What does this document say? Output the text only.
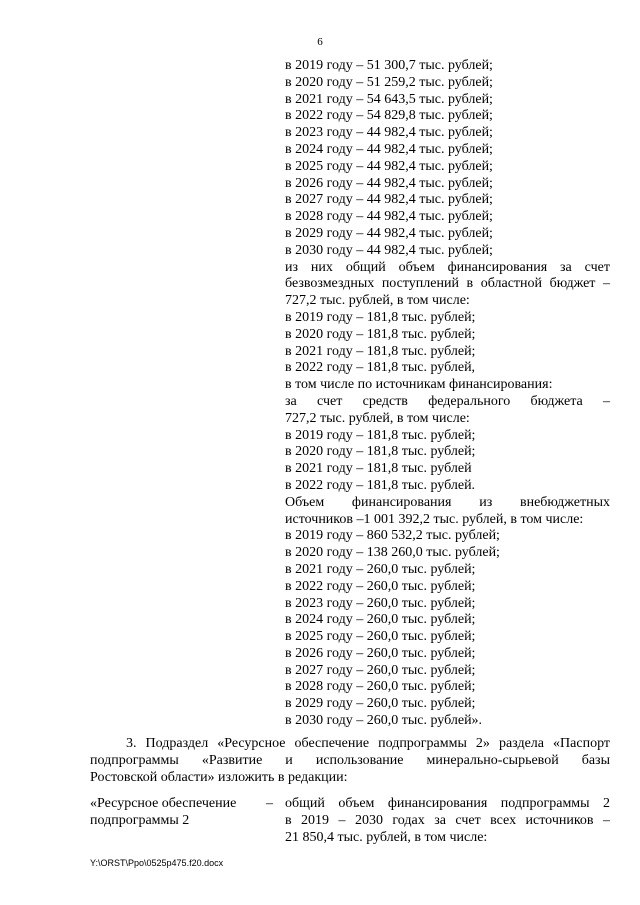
6
в 2019 году – 51 300,7 тыс. рублей;
в 2020 году – 51 259,2 тыс. рублей;
в 2021 году – 54 643,5 тыс. рублей;
в 2022 году – 54 829,8 тыс. рублей;
в 2023 году – 44 982,4 тыс. рублей;
в 2024 году – 44 982,4 тыс. рублей;
в 2025 году – 44 982,4 тыс. рублей;
в 2026 году – 44 982,4 тыс. рублей;
в 2027 году – 44 982,4 тыс. рублей;
в 2028 году – 44 982,4 тыс. рублей;
в 2029 году – 44 982,4 тыс. рублей;
в 2030 году – 44 982,4 тыс. рублей;
из них общий объем финансирования за счет
безвозмездных поступлений в областной бюджет –
727,2 тыс. рублей, в том числе:
в 2019 году – 181,8 тыс. рублей;
в 2020 году – 181,8 тыс. рублей;
в 2021 году – 181,8 тыс. рублей;
в 2022 году – 181,8 тыс. рублей,
в том числе по источникам финансирования:
за счет средств федерального бюджета –
727,2 тыс. рублей, в том числе:
в 2019 году – 181,8 тыс. рублей;
в 2020 году – 181,8 тыс. рублей;
в 2021 году – 181,8 тыс. рублей
в 2022 году – 181,8 тыс. рублей.
Объем финансирования из внебюджетных
источников –1 001 392,2 тыс. рублей, в том числе:
в 2019 году – 860 532,2 тыс. рублей;
в 2020 году – 138 260,0 тыс. рублей;
в 2021 году – 260,0 тыс. рублей;
в 2022 году – 260,0 тыс. рублей;
в 2023 году – 260,0 тыс. рублей;
в 2024 году – 260,0 тыс. рублей;
в 2025 году – 260,0 тыс. рублей;
в 2026 году – 260,0 тыс. рублей;
в 2027 году – 260,0 тыс. рублей;
в 2028 году – 260,0 тыс. рублей;
в 2029 году – 260,0 тыс. рублей;
в 2030 году – 260,0 тыс. рублей».
3. Подраздел «Ресурсное обеспечение подпрограммы 2» раздела «Паспорт
подпрограммы «Развитие и использование минерально-сырьевой базы
Ростовской области» изложить в редакции:
«Ресурсное обеспечение
подпрограммы 2
– общий объем финансирования подпрограммы 2
в 2019 – 2030 годах за счет всех источников –
21 850,4 тыс. рублей, в том числе:
Y:\ORST\Ppo\0525p475.f20.docx
